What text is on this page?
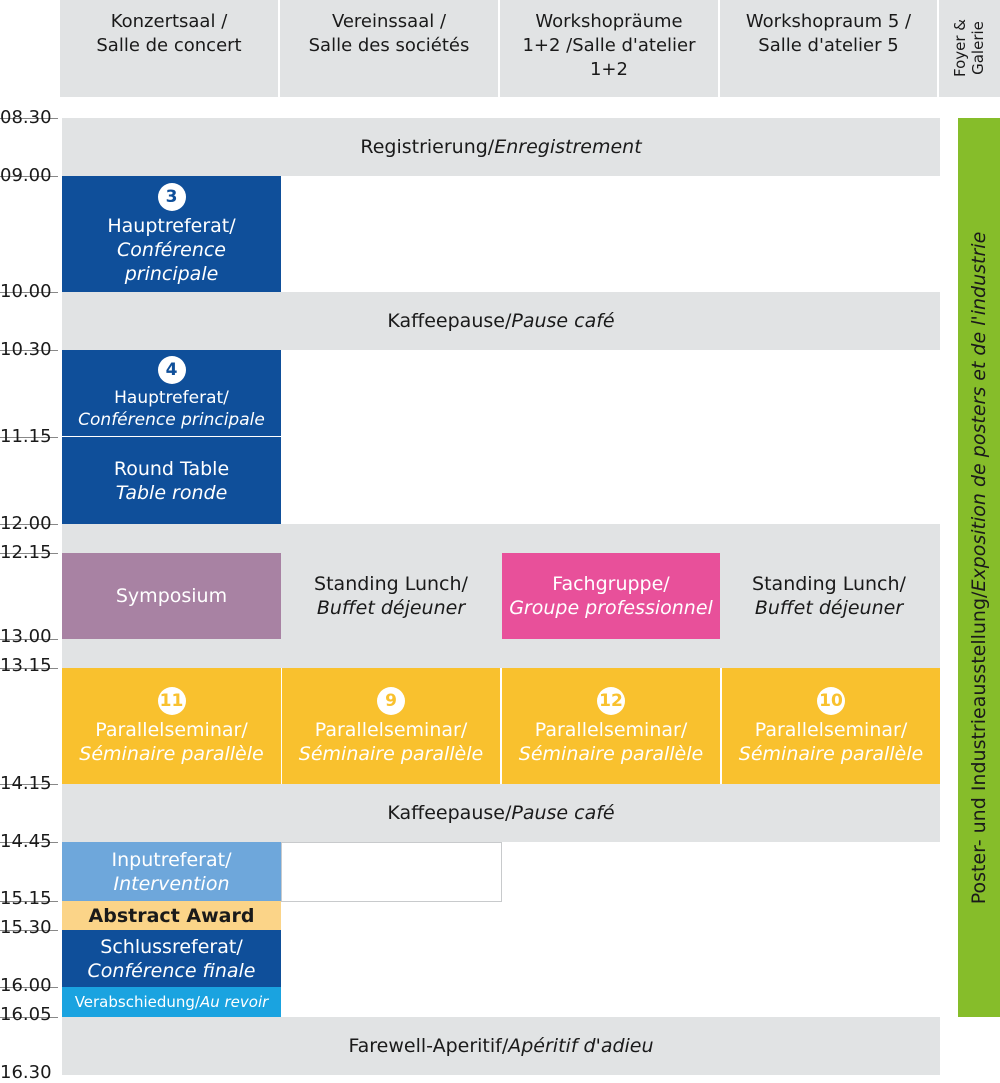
Konzertsaal /
Salle de concert
Vereinssaal /
Salle des sociétés
Workshopräume
1+2 /Salle d'atelier
1+2
Workshopraum 5 /
Salle d'atelier 5	Foyer & Galerie
08.30
09.00
10.00
10.30
11.15
12.00
12.15
13.00
13.15
14.15
14.45
15.15
15.30
16.00
16.05
16.30
Registrierung/Enregistrement
3
Hauptreferat/
Conférence
principale
Kaffeepause/Pause café
4
Hauptreferat/
Conférence principale
Round Table
Table ronde
Symposium
Standing Lunch/
Buffet déjeuner
Fachgruppe/
Groupe professionnel
Standing Lunch/
Buffet déjeuner
11
Parallelseminar/
Séminaire parallèle
9
Parallelseminar/
Séminaire parallèle
12
Parallelseminar/
Séminaire parallèle
10
Parallelseminar/
Séminaire parallèle
Kaffeepause/Pause café
Inputreferat/
Intervention
Abstract Award
Schlussreferat/
Conférence finale
Verabschiedung/Au revoir
Farewell-Aperitif/Apéritif d'adieu
Poster- und Industrieausstellung/Exposition de posters et de l'industrie
